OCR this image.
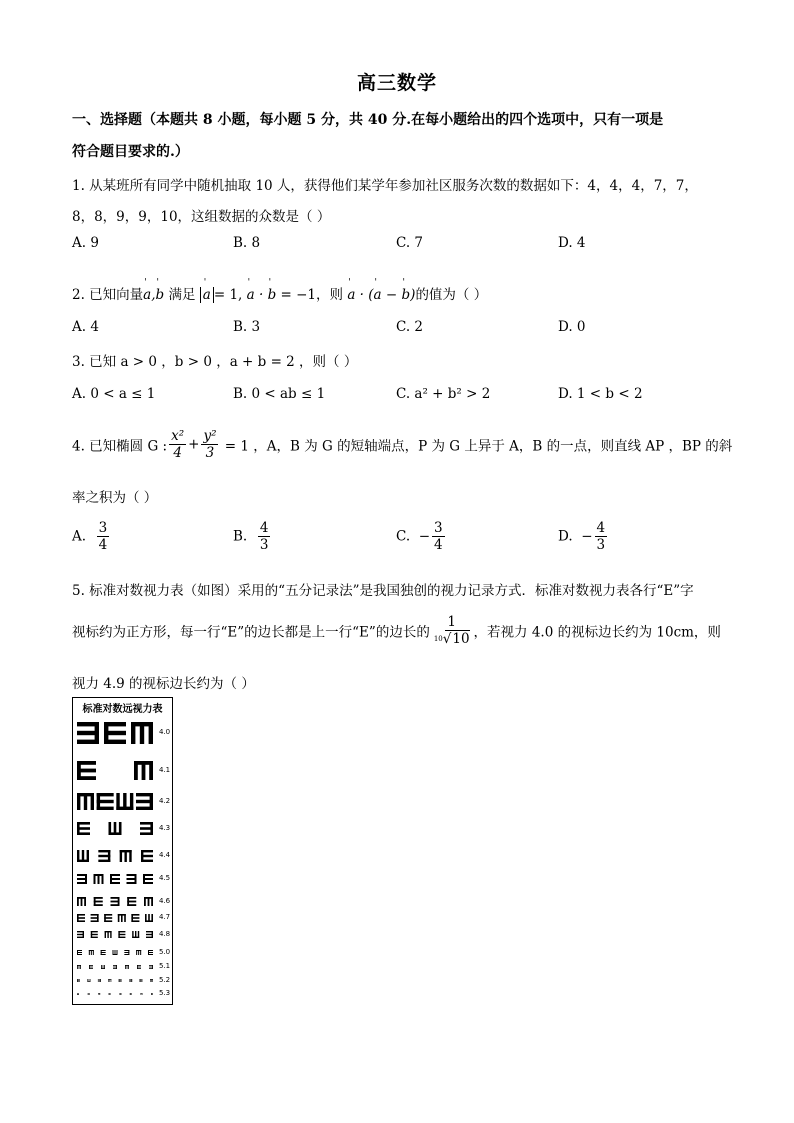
高三数学
一、选择题（本题共 8 小题，每小题 5 分，共 40 分.在每小题给出的四个选项中，只有一项是
符合题目要求的.）
1. 从某班所有同学中随机抽取 10 人，获得他们某学年参加社区服务次数的数据如下：4，4，4，7，7，
8，8，9，9，10，这组数据的众数是（ ）
A. 9	B. 8	C. 7	D. 4
2. 已知向量' a,' b 满足 ' a = 1, ' a · ' b = −1，则 ' a · (' a − ' b)的值为（ ）
A. 4	B. 3	C. 2	D. 0
3. 已知 a > 0 ，b > 0 ，a + b = 2 ，则（ ）
A. 0 < a ≤ 1	B. 0 < ab ≤ 1	C. a² + b² > 2	D. 1 < b < 2
4. 已知椭圆 G : $\frac{\text{x²}}{4} + \frac{\text{y²}}{3} = 1$ ，A，B 为 G 的短轴端点，P 为 G 上异于 A，B 的一点，则直线 AP ，BP 的斜
率之积为（ ）
A. $\frac{3}{4}$	B. $\frac{4}{3}$	C. − $\frac{3}{4}$	D. − $\frac{4}{3}$
5. 标准对数视力表（如图）采用的“五分记录法”是我国独创的视力记录方式．标准对数视力表各行“E”字
视标约为正方形，每一行“E”的边长都是上一行“E”的边长的 $\frac{1}{^{10}√10}$ ，若视力 4.0 的视标边长约为 10cm，则
视力 4.9 的视标边长约为（ ）
标准对数远视力表
4.0
4.1
4.2
4.3
4.4
4.5
4.6
4.7
4.8
5.0
5.1
5.2
5.3
